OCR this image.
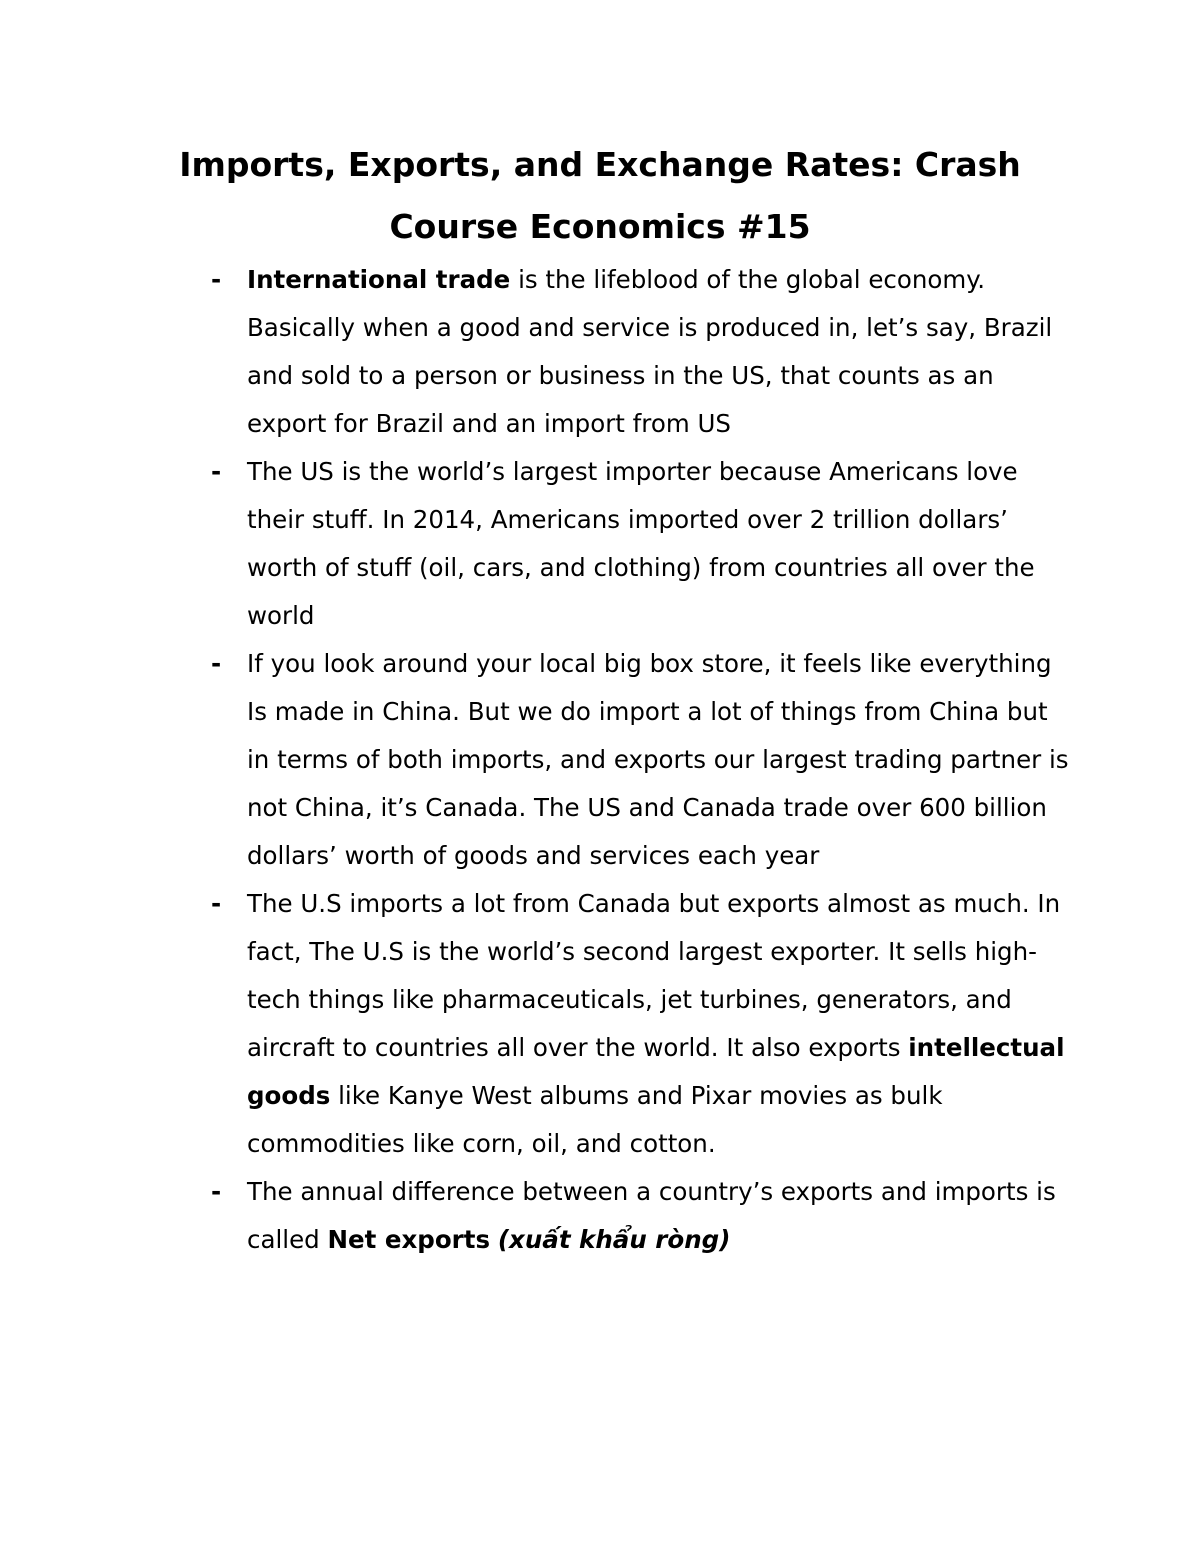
Imports, Exports, and Exchange Rates: Crash
Course Economics #15
- International trade is the lifeblood of the global economy. Basically when a good and service is produced in, let’s say, Brazil and sold to a person or business in the US, that counts as an export for Brazil and an import from US
- The US is the world’s largest importer because Americans love their stuff. In 2014, Americans imported over 2 trillion dollars’ worth of stuff (oil, cars, and clothing) from countries all over the world
- If you look around your local big box store, it feels like everything Is made in China. But we do import a lot of things from China but in terms of both imports, and exports our largest trading partner is not China, it’s Canada. The US and Canada trade over 600 billion dollars’ worth of goods and services each year
- The U.S imports a lot from Canada but exports almost as much. In fact, The U.S is the world’s second largest exporter. It sells high-tech things like pharmaceuticals, jet turbines, generators, and aircraft to countries all over the world. It also exports intellectual goods like Kanye West albums and Pixar movies as bulk commodities like corn, oil, and cotton.
- The annual difference between a country’s exports and imports is called Net exports (xuất khẩu ròng)
